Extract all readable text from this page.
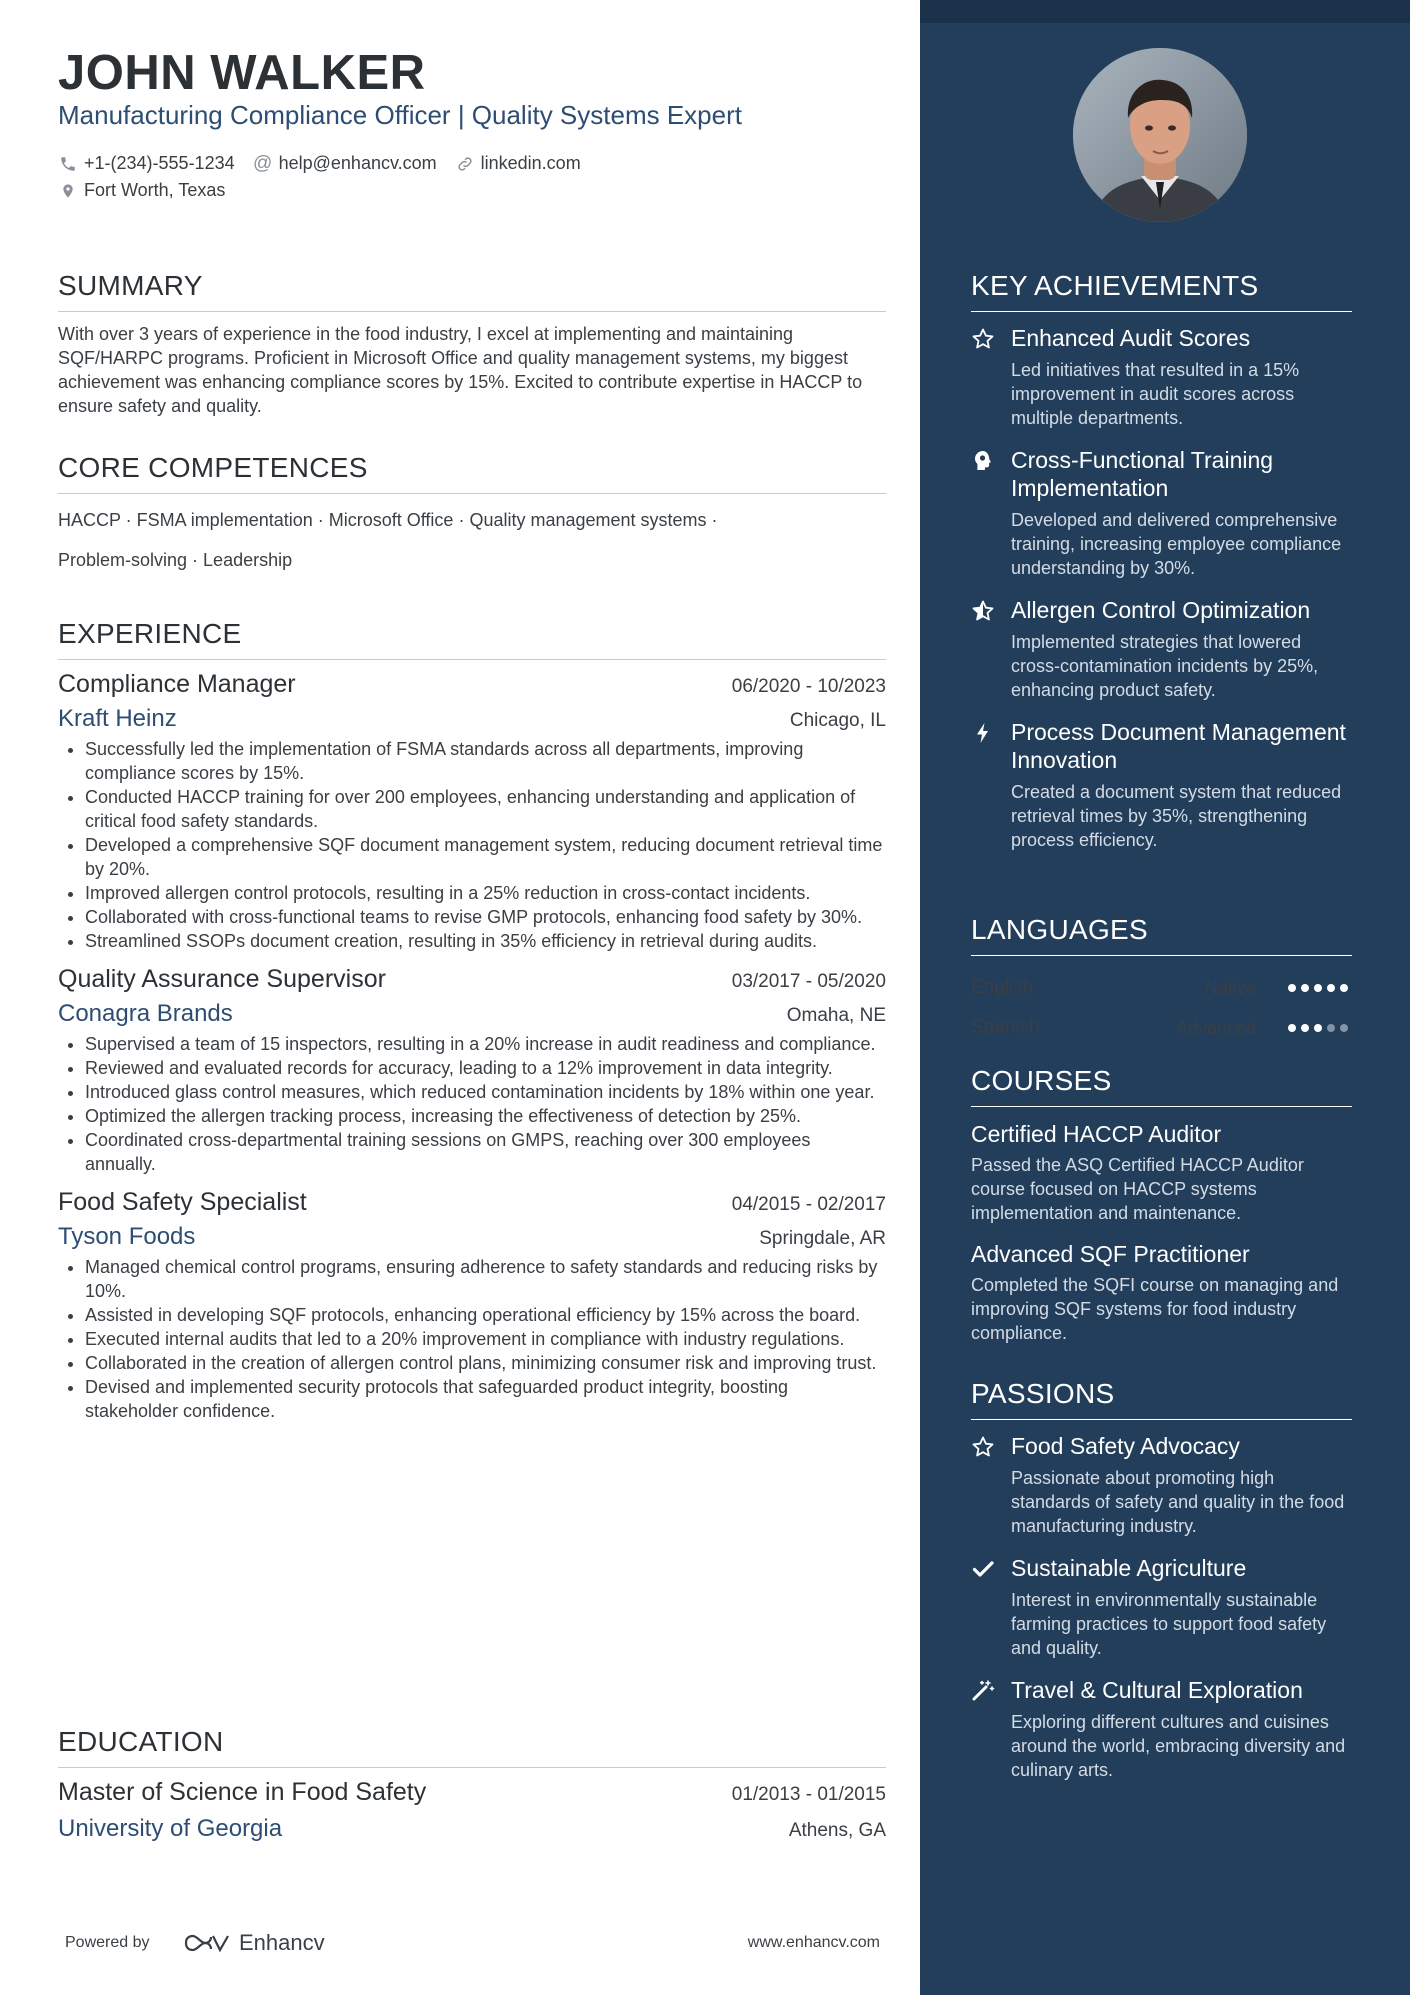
JOHN WALKER
Manufacturing Compliance Officer | Quality Systems Expert
+1-(234)-555-1234 @ help@enhancv.com linkedin.com
Fort Worth, Texas
SUMMARY
With over 3 years of experience in the food industry, I excel at implementing and maintaining SQF/HARPC programs. Proficient in Microsoft Office and quality management systems, my biggest achievement was enhancing compliance scores by 15%. Excited to contribute expertise in HACCP to ensure safety and quality.
CORE COMPETENCES
HACCP · FSMA implementation · Microsoft Office · Quality management systems ·
Problem-solving · Leadership
EXPERIENCE
Compliance Manager	06/2020 - 10/2023
Kraft Heinz	Chicago, IL
• Successfully led the implementation of FSMA standards across all departments, improving compliance scores by 15%.
• Conducted HACCP training for over 200 employees, enhancing understanding and application of critical food safety standards.
• Developed a comprehensive SQF document management system, reducing document retrieval time by 20%.
• Improved allergen control protocols, resulting in a 25% reduction in cross-contact incidents.
• Collaborated with cross-functional teams to revise GMP protocols, enhancing food safety by 30%.
• Streamlined SSOPs document creation, resulting in 35% efficiency in retrieval during audits.
Quality Assurance Supervisor	03/2017 - 05/2020
Conagra Brands	Omaha, NE
• Supervised a team of 15 inspectors, resulting in a 20% increase in audit readiness and compliance.
• Reviewed and evaluated records for accuracy, leading to a 12% improvement in data integrity.
• Introduced glass control measures, which reduced contamination incidents by 18% within one year.
• Optimized the allergen tracking process, increasing the effectiveness of detection by 25%.
• Coordinated cross-departmental training sessions on GMPS, reaching over 300 employees annually.
Food Safety Specialist	04/2015 - 02/2017
Tyson Foods	Springdale, AR
• Managed chemical control programs, ensuring adherence to safety standards and reducing risks by 10%.
• Assisted in developing SQF protocols, enhancing operational efficiency by 15% across the board.
• Executed internal audits that led to a 20% improvement in compliance with industry regulations.
• Collaborated in the creation of allergen control plans, minimizing consumer risk and improving trust.
• Devised and implemented security protocols that safeguarded product integrity, boosting stakeholder confidence.
EDUCATION
Master of Science in Food Safety	01/2013 - 01/2015
University of Georgia	Athens, GA
Powered by	Enhancv	www.enhancv.com
KEY ACHIEVEMENTS
Enhanced Audit Scores
Led initiatives that resulted in a 15% improvement in audit scores across multiple departments.
Cross-Functional Training Implementation
Developed and delivered comprehensive training, increasing employee compliance understanding by 30%.
Allergen Control Optimization
Implemented strategies that lowered cross-contamination incidents by 25%, enhancing product safety.
Process Document Management Innovation
Created a document system that reduced retrieval times by 35%, strengthening process efficiency.
LANGUAGES
English	Native
Spanish	Advanced
COURSES
Certified HACCP Auditor
Passed the ASQ Certified HACCP Auditor course focused on HACCP systems implementation and maintenance.
Advanced SQF Practitioner
Completed the SQFI course on managing and improving SQF systems for food industry compliance.
PASSIONS
Food Safety Advocacy
Passionate about promoting high standards of safety and quality in the food manufacturing industry.
Sustainable Agriculture
Interest in environmentally sustainable farming practices to support food safety and quality.
Travel & Cultural Exploration
Exploring different cultures and cuisines around the world, embracing diversity and culinary arts.
